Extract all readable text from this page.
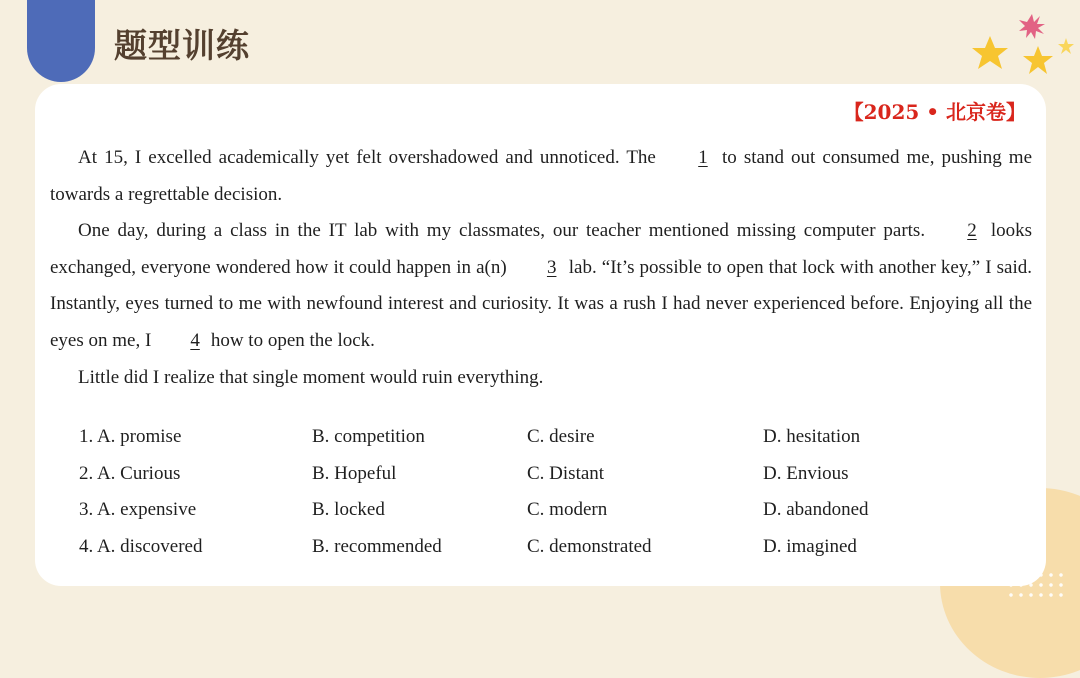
题型训练
【2025 • 北京卷】

At 15, I excelled academically yet felt overshadowed and unnoticed. The 1 to stand out consumed me, pushing me towards a regrettable decision.

One day, during a class in the IT lab with my classmates, our teacher mentioned missing computer parts. 2 looks exchanged, everyone wondered how it could happen in a(n) 3 lab. “It’s possible to open that lock with another key,” I said. Instantly, eyes turned to me with newfound interest and curiosity. It was a rush I had never experienced before. Enjoying all the eyes on me, I 4 how to open the lock.

Little did I realize that single moment would ruin everything.

1. A. promise	B. competition	C. desire	D. hesitation
2. A. Curious	B. Hopeful	C. Distant	D. Envious
3. A. expensive	B. locked	C. modern	D. abandoned
4. A. discovered	B. recommended	C. demonstrated	D. imagined
